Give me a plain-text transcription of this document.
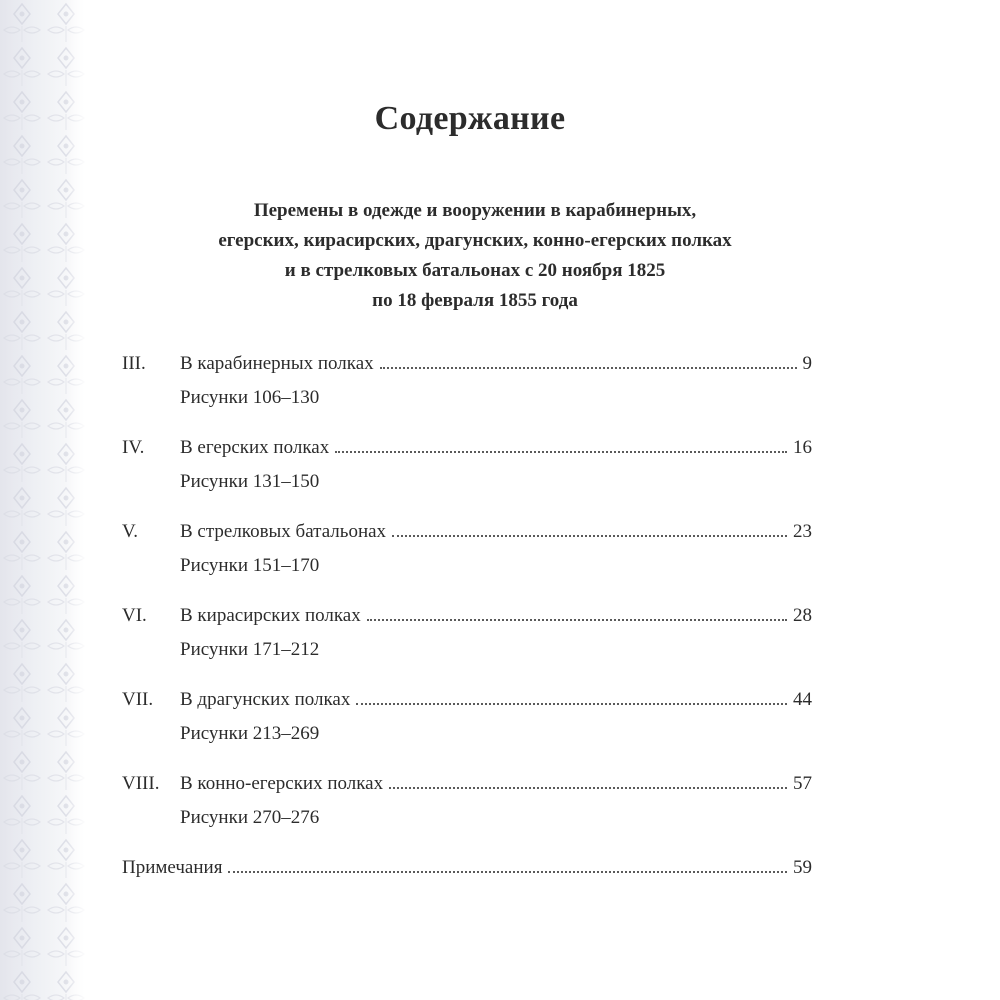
Содержание
Перемены в одежде и вооружении в карабинерных,
егерских, кирасирских, драгунских, конно-егерских полках
и в стрелковых батальонах с 20 ноября 1825
по 18 февраля 1855 года
III.	В карабинерных полках	9
Рисунки 106–130
IV.	В егерских полках	16
Рисунки 131–150
V.	В стрелковых батальонах	23
Рисунки 151–170
VI.	В кирасирских полках	28
Рисунки 171–212
VII.	В драгунских полках	44
Рисунки 213–269
VIII.	В конно-егерских полках	57
Рисунки 270–276
Примечания	59
